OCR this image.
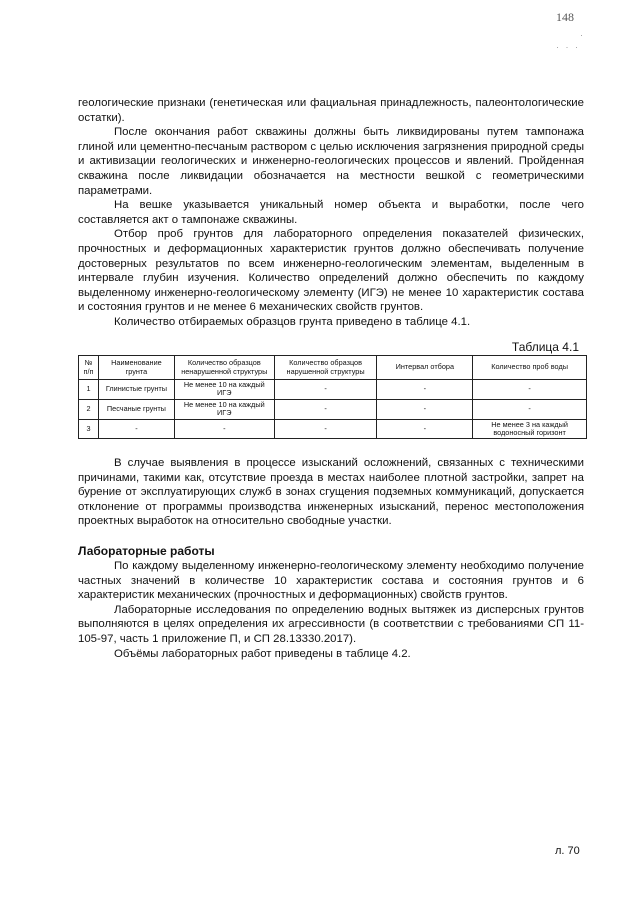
148
·
· · ·

геологические признаки (генетическая или фациальная принадлежность, палеонтологические остатки).

После окончания работ скважины должны быть ликвидированы путем тампонажа глиной или цементно-песчаным раствором с целью исключения загрязнения природной среды и активизации геологических и инженерно-геологических процессов и явлений. Пройденная скважина после ликвидации обозначается на местности вешкой с геометрическими параметрами.

На вешке указывается уникальный номер объекта и выработки, после чего составляется акт о тампонаже скважины.

Отбор проб грунтов для лабораторного определения показателей физических, прочностных и деформационных характеристик грунтов должно обеспечивать получение достоверных результатов по всем инженерно-геологическим элементам, выделенным в интервале глубин изучения. Количество определений должно обеспечить по каждому выделенному инженерно-геологическому элементу (ИГЭ) не менее 10 характеристик состава и состояния грунтов и не менее 6 механических свойств грунтов.

Количество отбираемых образцов грунта приведено в таблице 4.1.

Таблица 4.1
№ п/п	Наименование грунта	Количество образцов ненарушенной структуры	Количество образцов нарушенной структуры	Интервал отбора	Количество проб воды
1	Глинистые грунты	Не менее 10 на каждый ИГЭ	-	-	-
2	Песчаные грунты	Не менее 10 на каждый ИГЭ	-	-	-
3	-	-	-	-	Не менее 3 на каждый водоносный горизонт

В случае выявления в процессе изысканий осложнений, связанных с техническими причинами, такими как, отсутствие проезда в местах наиболее плотной застройки, запрет на бурение от эксплуатирующих служб в зонах сгущения подземных коммуникаций, допускается отклонение от программы производства инженерных изысканий, перенос местоположения проектных выработок на относительно свободные участки.

Лабораторные работы

По каждому выделенному инженерно-геологическому элементу необходимо получение частных значений в количестве 10 характеристик состава и состояния грунтов и 6 характеристик механических (прочностных и деформационных) свойств грунтов.

Лабораторные исследования по определению водных вытяжек из дисперсных грунтов выполняются в целях определения их агрессивности (в соответствии с требованиями СП 11-105-97, часть 1 приложение П, и СП 28.13330.2017).

Объёмы лабораторных работ приведены в таблице 4.2.

л. 70
